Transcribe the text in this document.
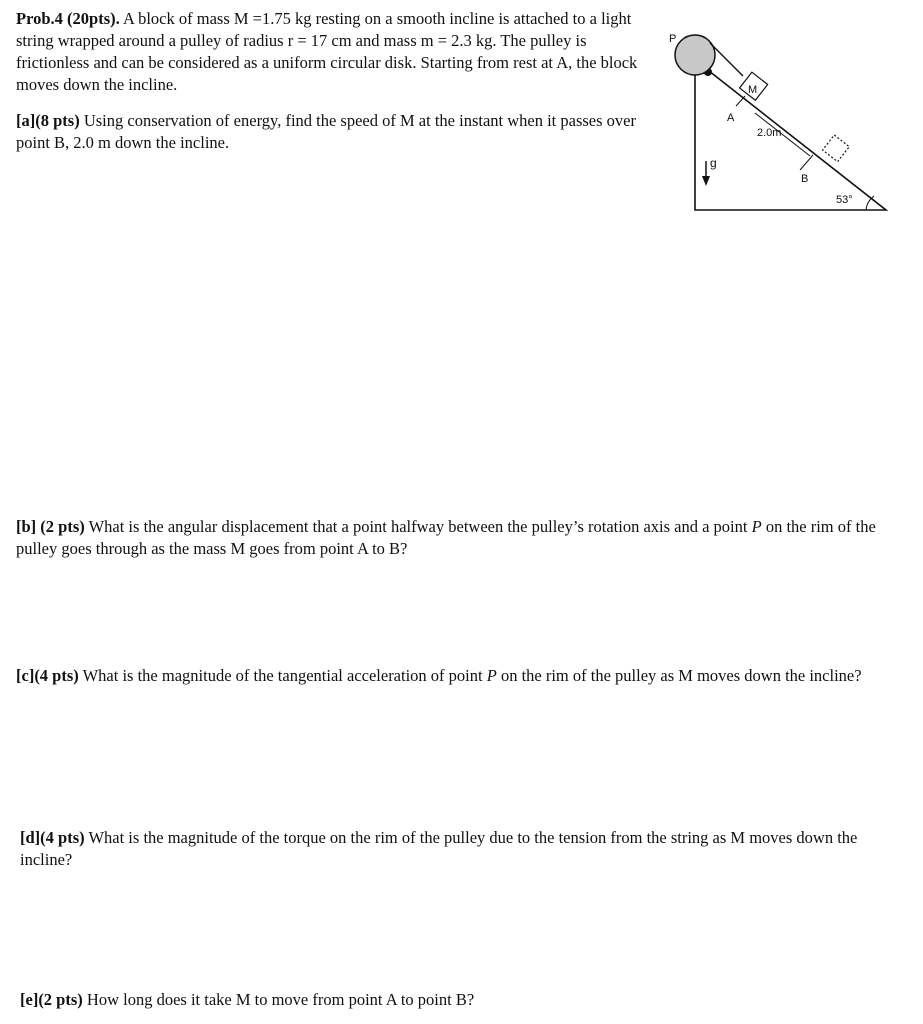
Prob.4 (20pts). A block of mass M =1.75 kg resting on a smooth incline is attached to a light string wrapped around a pulley of radius r = 17 cm and mass m = 2.3 kg. The pulley is frictionless and can be considered as a uniform circular disk. Starting from rest at A, the block moves down the incline.

[a](8 pts) Using conservation of energy, find the speed of M at the instant when it passes over point B, 2.0 m down the incline.

[b] (2 pts) What is the angular displacement that a point halfway between the pulley’s rotation axis and a point P on the rim of the pulley goes through as the mass M goes from point A to B?

[c](4 pts) What is the magnitude of the tangential acceleration of point P on the rim of the pulley as M moves down the incline?

[d](4 pts) What is the magnitude of the torque on the rim of the pulley due to the tension from the string as M moves down the incline?

[e](2 pts) How long does it take M to move from point A to point B?

M
A
2.0m
B
53°
g
P
